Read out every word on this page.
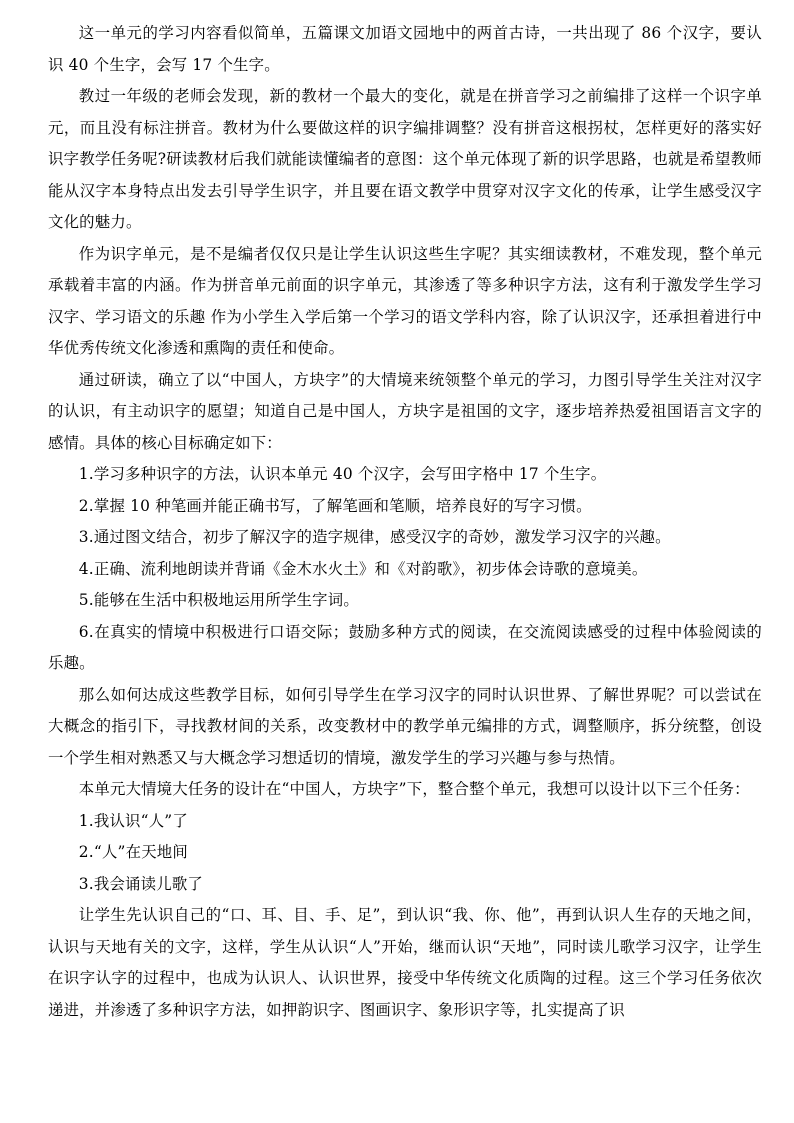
这一单元的学习内容看似简单，五篇课文加语文园地中的两首古诗，一共出现了 86 个汉字，要认识 40 个生字，会写 17 个生字。

教过一年级的老师会发现，新的教材一个最大的变化，就是在拼音学习之前编排了这样一个识字单元，而且没有标注拼音。教材为什么要做这样的识字编排调整？没有拼音这根拐杖，怎样更好的落实好识字教学任务呢?研读教材后我们就能读懂编者的意图：这个单元体现了新的识学思路，也就是希望教师能从汉字本身特点出发去引导学生识字，并且要在语文教学中贯穿对汉字文化的传承，让学生感受汉字文化的魅力。

作为识字单元，是不是编者仅仅只是让学生认识这些生字呢？其实细读教材，不难发现，整个单元承载着丰富的内涵。作为拼音单元前面的识字单元，其渗透了等多种识字方法，这有利于激发学生学习汉字、学习语文的乐趣 作为小学生入学后第一个学习的语文学科内容，除了认识汉字，还承担着进行中华优秀传统文化渗透和熏陶的责任和使命。

通过研读，确立了以“中国人，方块字”的大情境来统领整个单元的学习，力图引导学生关注对汉字的认识，有主动识字的愿望；知道自己是中国人，方块字是祖国的文字，逐步培养热爱祖国语言文字的感情。具体的核心目标确定如下：

1.学习多种识字的方法，认识本单元 40 个汉字，会写田字格中 17 个生字。

2.掌握 10 种笔画并能正确书写，了解笔画和笔顺，培养良好的写字习惯。

3.通过图文结合，初步了解汉字的造字规律，感受汉字的奇妙，激发学习汉字的兴趣。

4.正确、流利地朗读并背诵《金木水火土》和《对韵歌》，初步体会诗歌的意境美。

5.能够在生活中积极地运用所学生字词。

6.在真实的情境中积极进行口语交际；鼓励多种方式的阅读，在交流阅读感受的过程中体验阅读的乐趣。

那么如何达成这些教学目标，如何引导学生在学习汉字的同时认识世界、了解世界呢？可以尝试在大概念的指引下，寻找教材间的关系，改变教材中的教学单元编排的方式，调整顺序，拆分统整，创设一个学生相对熟悉又与大概念学习想适切的情境，激发学生的学习兴趣与参与热情。

本单元大情境大任务的设计在“中国人，方块字”下，整合整个单元，我想可以设计以下三个任务：

1.我认识“人”了

2.“人”在天地间

3.我会诵读儿歌了

让学生先认识自己的“口、耳、目、手、足”，到认识“我、你、他”，再到认识人生存的天地之间，认识与天地有关的文字，这样，学生从认识“人”开始，继而认识“天地”，同时读儿歌学习汉字，让学生在识字认字的过程中，也成为认识人、认识世界，接受中华传统文化质陶的过程。这三个学习任务依次递进，并渗透了多种识字方法，如押韵识字、图画识字、象形识字等，扎实提高了识
